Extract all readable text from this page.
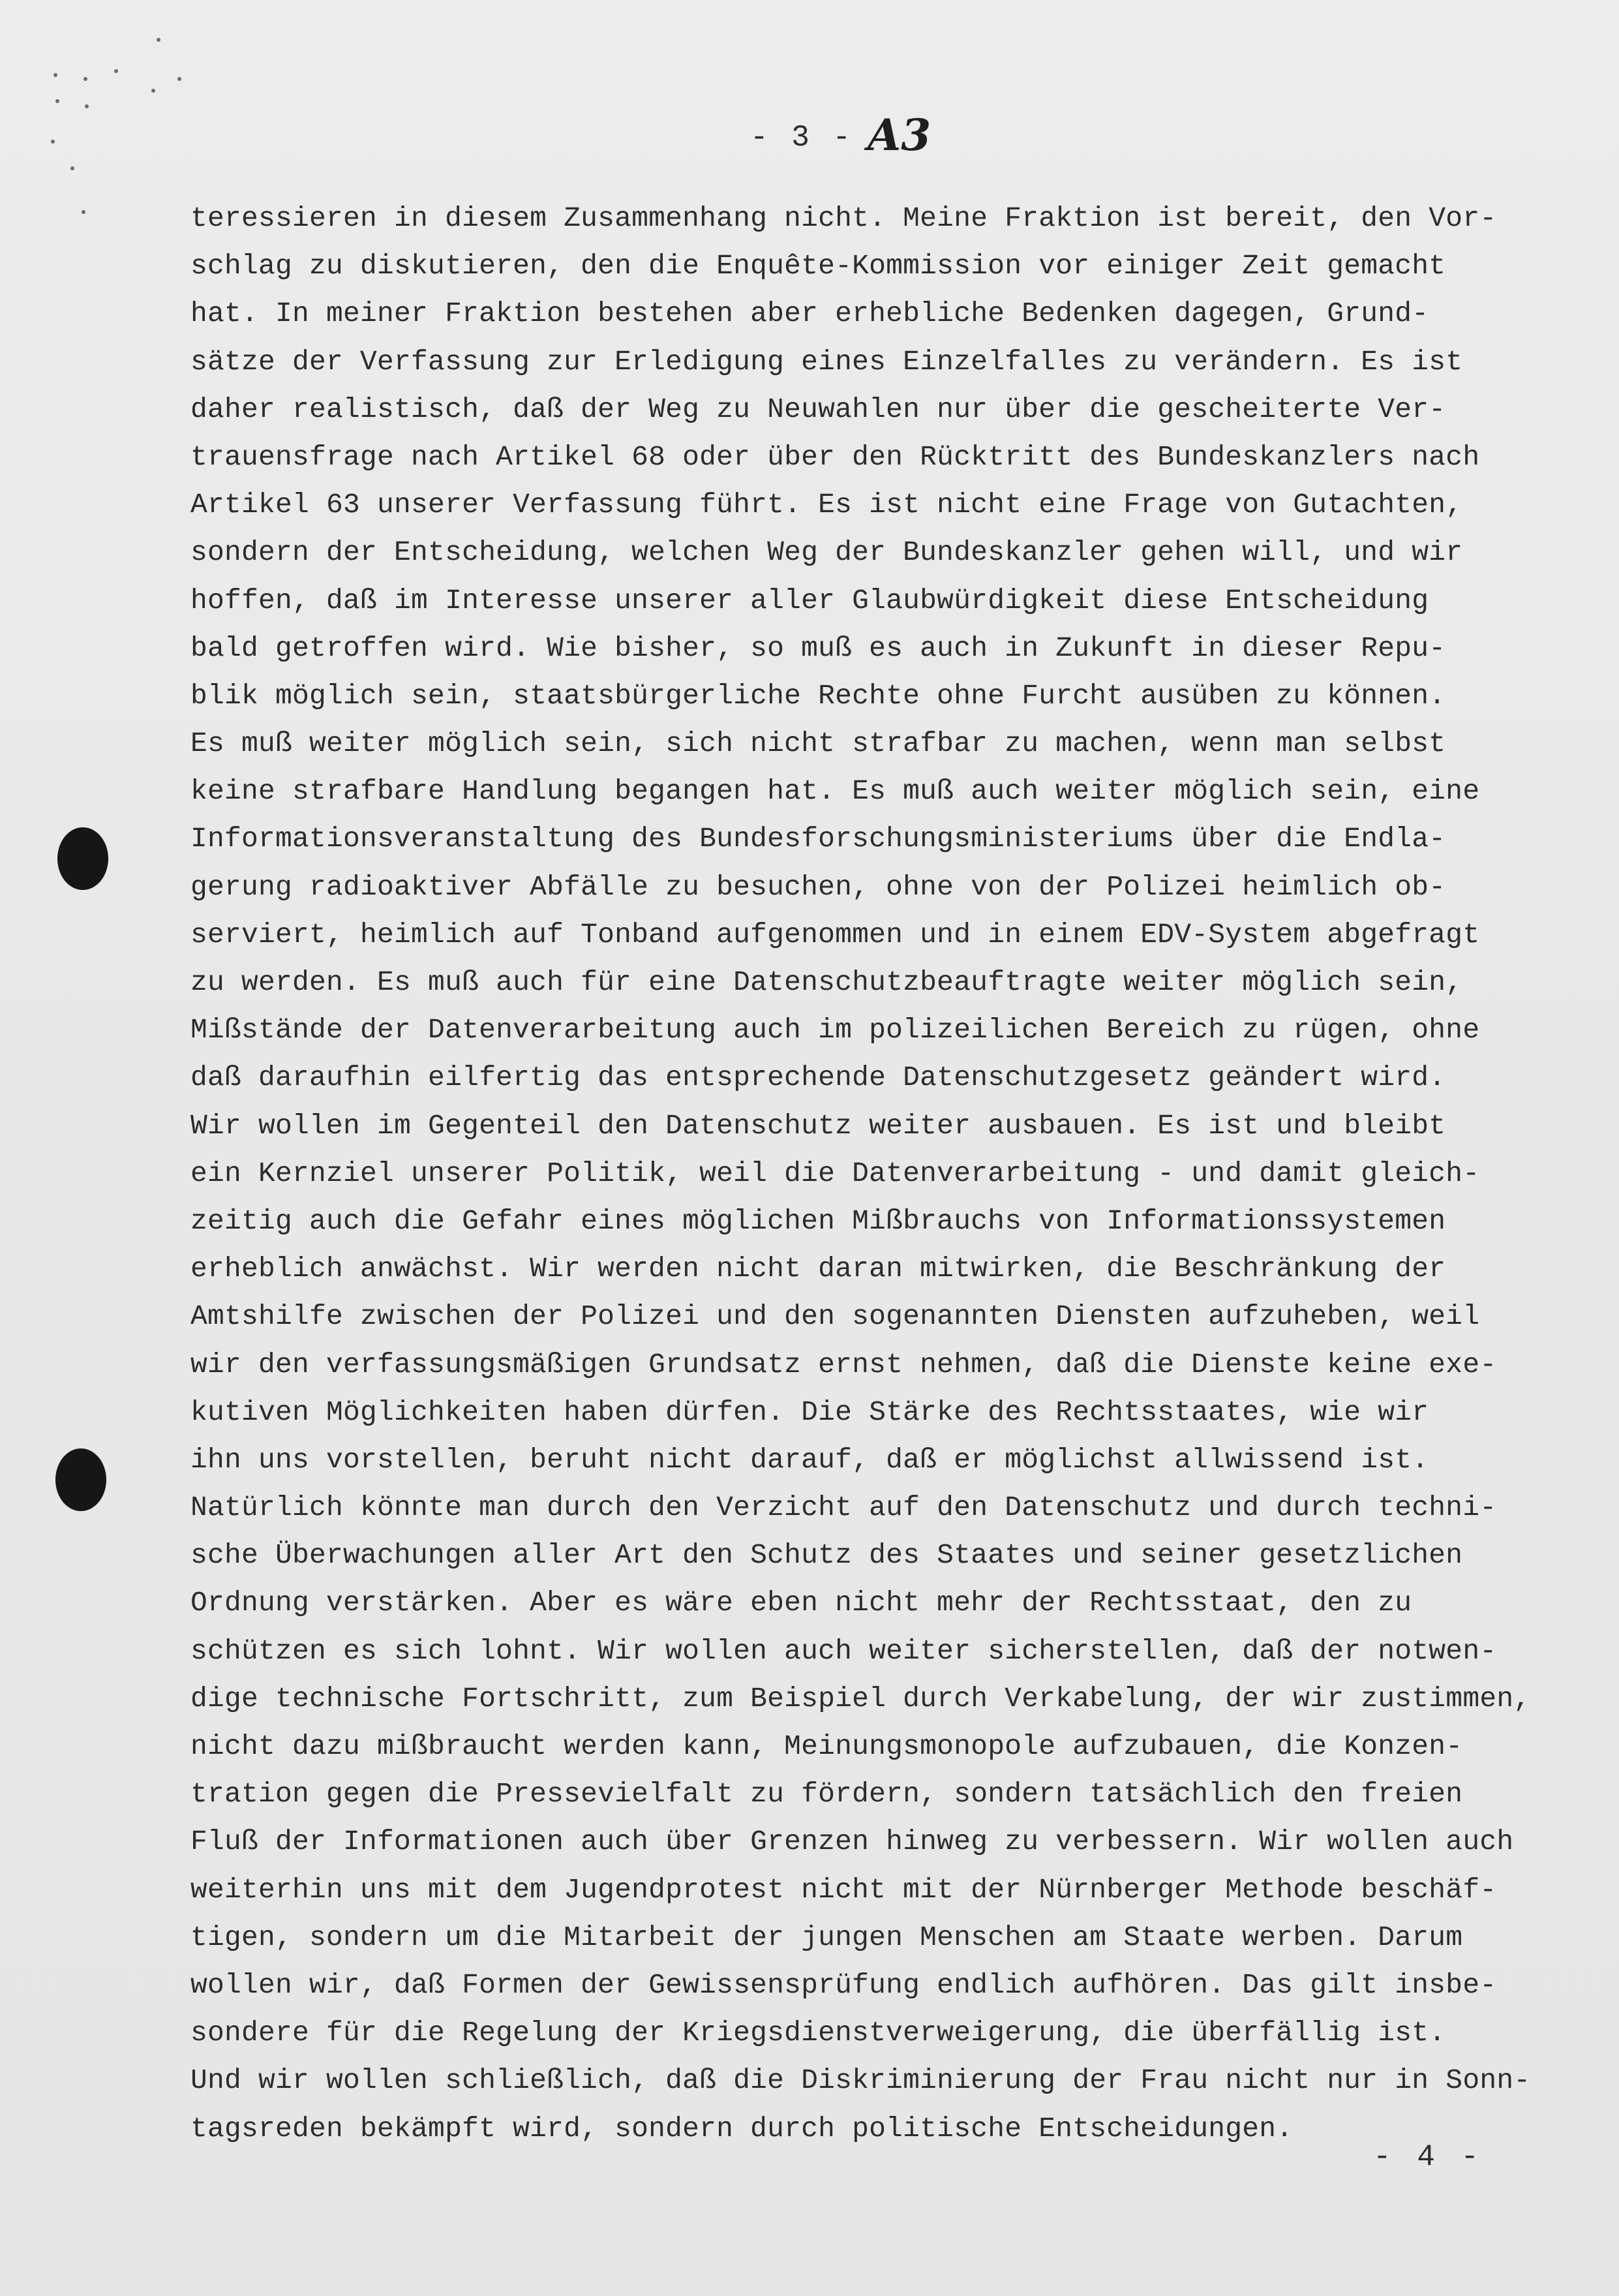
- 3 - A3
teressieren in diesem Zusammenhang nicht. Meine Fraktion ist bereit, den Vor-
schlag zu diskutieren, den die Enquête-Kommission vor einiger Zeit gemacht
hat. In meiner Fraktion bestehen aber erhebliche Bedenken dagegen, Grund-
sätze der Verfassung zur Erledigung eines Einzelfalles zu verändern. Es ist
daher realistisch, daß der Weg zu Neuwahlen nur über die gescheiterte Ver-
trauensfrage nach Artikel 68 oder über den Rücktritt des Bundeskanzlers nach
Artikel 63 unserer Verfassung führt. Es ist nicht eine Frage von Gutachten,
sondern der Entscheidung, welchen Weg der Bundeskanzler gehen will, und wir
hoffen, daß im Interesse unserer aller Glaubwürdigkeit diese Entscheidung
bald getroffen wird. Wie bisher, so muß es auch in Zukunft in dieser Repu-
blik möglich sein, staatsbürgerliche Rechte ohne Furcht ausüben zu können.
Es muß weiter möglich sein, sich nicht strafbar zu machen, wenn man selbst
keine strafbare Handlung begangen hat. Es muß auch weiter möglich sein, eine
Informationsveranstaltung des Bundesforschungsministeriums über die Endla-
gerung radioaktiver Abfälle zu besuchen, ohne von der Polizei heimlich ob-
serviert, heimlich auf Tonband aufgenommen und in einem EDV-System abgefragt
zu werden. Es muß auch für eine Datenschutzbeauftragte weiter möglich sein,
Mißstände der Datenverarbeitung auch im polizeilichen Bereich zu rügen, ohne
daß daraufhin eilfertig das entsprechende Datenschutzgesetz geändert wird.
Wir wollen im Gegenteil den Datenschutz weiter ausbauen. Es ist und bleibt
ein Kernziel unserer Politik, weil die Datenverarbeitung - und damit gleich-
zeitig auch die Gefahr eines möglichen Mißbrauchs von Informationssystemen
erheblich anwächst. Wir werden nicht daran mitwirken, die Beschränkung der
Amtshilfe zwischen der Polizei und den sogenannten Diensten aufzuheben, weil
wir den verfassungsmäßigen Grundsatz ernst nehmen, daß die Dienste keine exe-
kutiven Möglichkeiten haben dürfen. Die Stärke des Rechtsstaates, wie wir
ihn uns vorstellen, beruht nicht darauf, daß er möglichst allwissend ist.
Natürlich könnte man durch den Verzicht auf den Datenschutz und durch techni-
sche Überwachungen aller Art den Schutz des Staates und seiner gesetzlichen
Ordnung verstärken. Aber es wäre eben nicht mehr der Rechtsstaat, den zu
schützen es sich lohnt. Wir wollen auch weiter sicherstellen, daß der notwen-
dige technische Fortschritt, zum Beispiel durch Verkabelung, der wir zustimmen,
nicht dazu mißbraucht werden kann, Meinungsmonopole aufzubauen, die Konzen-
tration gegen die Pressevielfalt zu fördern, sondern tatsächlich den freien
Fluß der Informationen auch über Grenzen hinweg zu verbessern. Wir wollen auch
weiterhin uns mit dem Jugendprotest nicht mit der Nürnberger Methode beschäf-
tigen, sondern um die Mitarbeit der jungen Menschen am Staate werben. Darum
wollen wir, daß Formen der Gewissensprüfung endlich aufhören. Das gilt insbe-
sondere für die Regelung der Kriegsdienstverweigerung, die überfällig ist.
Und wir wollen schließlich, daß die Diskriminierung der Frau nicht nur in Sonn-
tagsreden bekämpft wird, sondern durch politische Entscheidungen.
- 4 -
